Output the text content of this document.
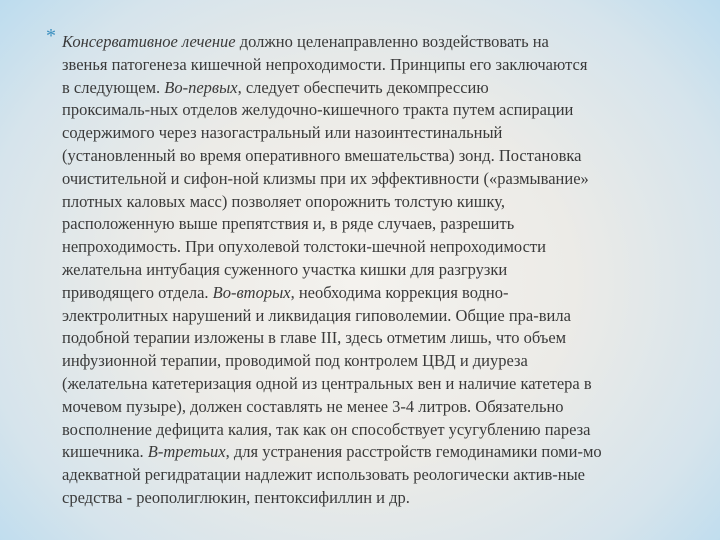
* Консервативное лечение должно целенаправленно воздействовать на
звенья патогенеза кишечной непроходимости. Принципы его заключаются
в следующем. Во-первых, следует обеспечить декомпрессию
проксималь-ных отделов желудочно-кишечного тракта путем аспирации
содержимого через назогастральный или назоинтестинальный
(установленный во время оперативного вмешательства) зонд. Постановка
очистительной и сифон-ной клизмы при их эффективности («размывание»
плотных каловых масс) позволяет опорожнить толстую кишку,
расположенную выше препятствия и, в ряде случаев, разрешить
непроходимость. При опухолевой толстоки-шечной непроходимости
желательна интубация суженного участка кишки для разгрузки
приводящего отдела. Во-вторых, необходима коррекция водно-
электролитных нарушений и ликвидация гиповолемии. Общие пра-вила
подобной терапии изложены в главе III, здесь отметим лишь, что объем
инфузионной терапии, проводимой под контролем ЦВД и диуреза
(желательна катетеризация одной из центральных вен и наличие катетера в
мочевом пузыре), должен составлять не менее 3-4 литров. Обязательно
восполнение дефицита калия, так как он способствует усугублению пареза
кишечника. В-третьих, для устранения расстройств гемодинамики поми-мо
адекватной регидратации надлежит использовать реологически актив-ные
средства - реополиглюкин, пентоксифиллин и др.
